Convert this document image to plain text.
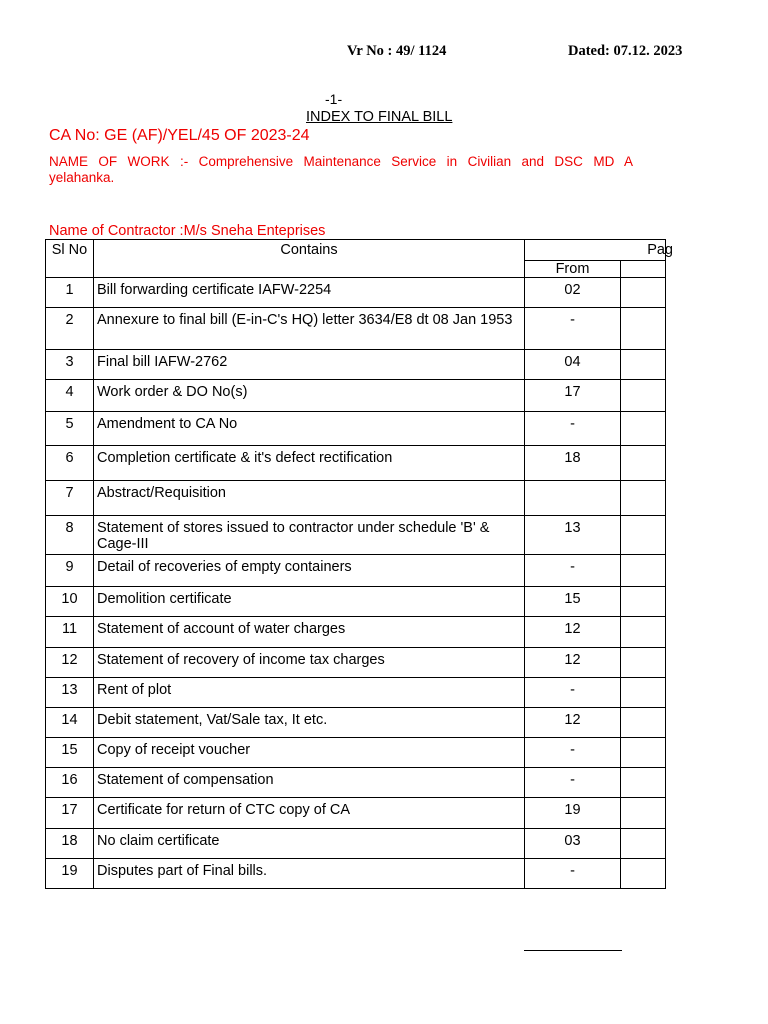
Vr No : 49/ 1124	Dated: 07.12. 2023
-1-
INDEX TO FINAL BILL
CA No: GE (AF)/YEL/45 OF 2023-24
NAME OF WORK :- Comprehensive Maintenance Service in Civilian and DSC MD A
yelahanka.
Name of Contractor :M/s Sneha Enteprises
Sl No	Contains	Pag	
		From	
1	Bill forwarding certificate IAFW-2254	02	
2	Annexure to final bill (E-in-C's HQ) letter 3634/E8 dt 08 Jan 1953	-	
3	Final bill IAFW-2762	04	
4	Work order & DO No(s)	17	
5	Amendment to CA No	-	
6	Completion certificate & it's defect rectification	18	
7	Abstract/Requisition		
8	Statement of stores issued to contractor under schedule 'B' & Cage-III	13	
9	Detail of recoveries of empty containers	-	
10	Demolition certificate	15	
11	Statement of account of water charges	12	
12	Statement of recovery of income tax charges	12	
13	Rent of plot	-	
14	Debit statement, Vat/Sale tax, It etc.	12	
15	Copy of receipt voucher	-	
16	Statement of compensation	-	
17	Certificate for return of CTC copy of CA	19	
18	No claim certificate	03	
19	Disputes part of Final bills.	-	
